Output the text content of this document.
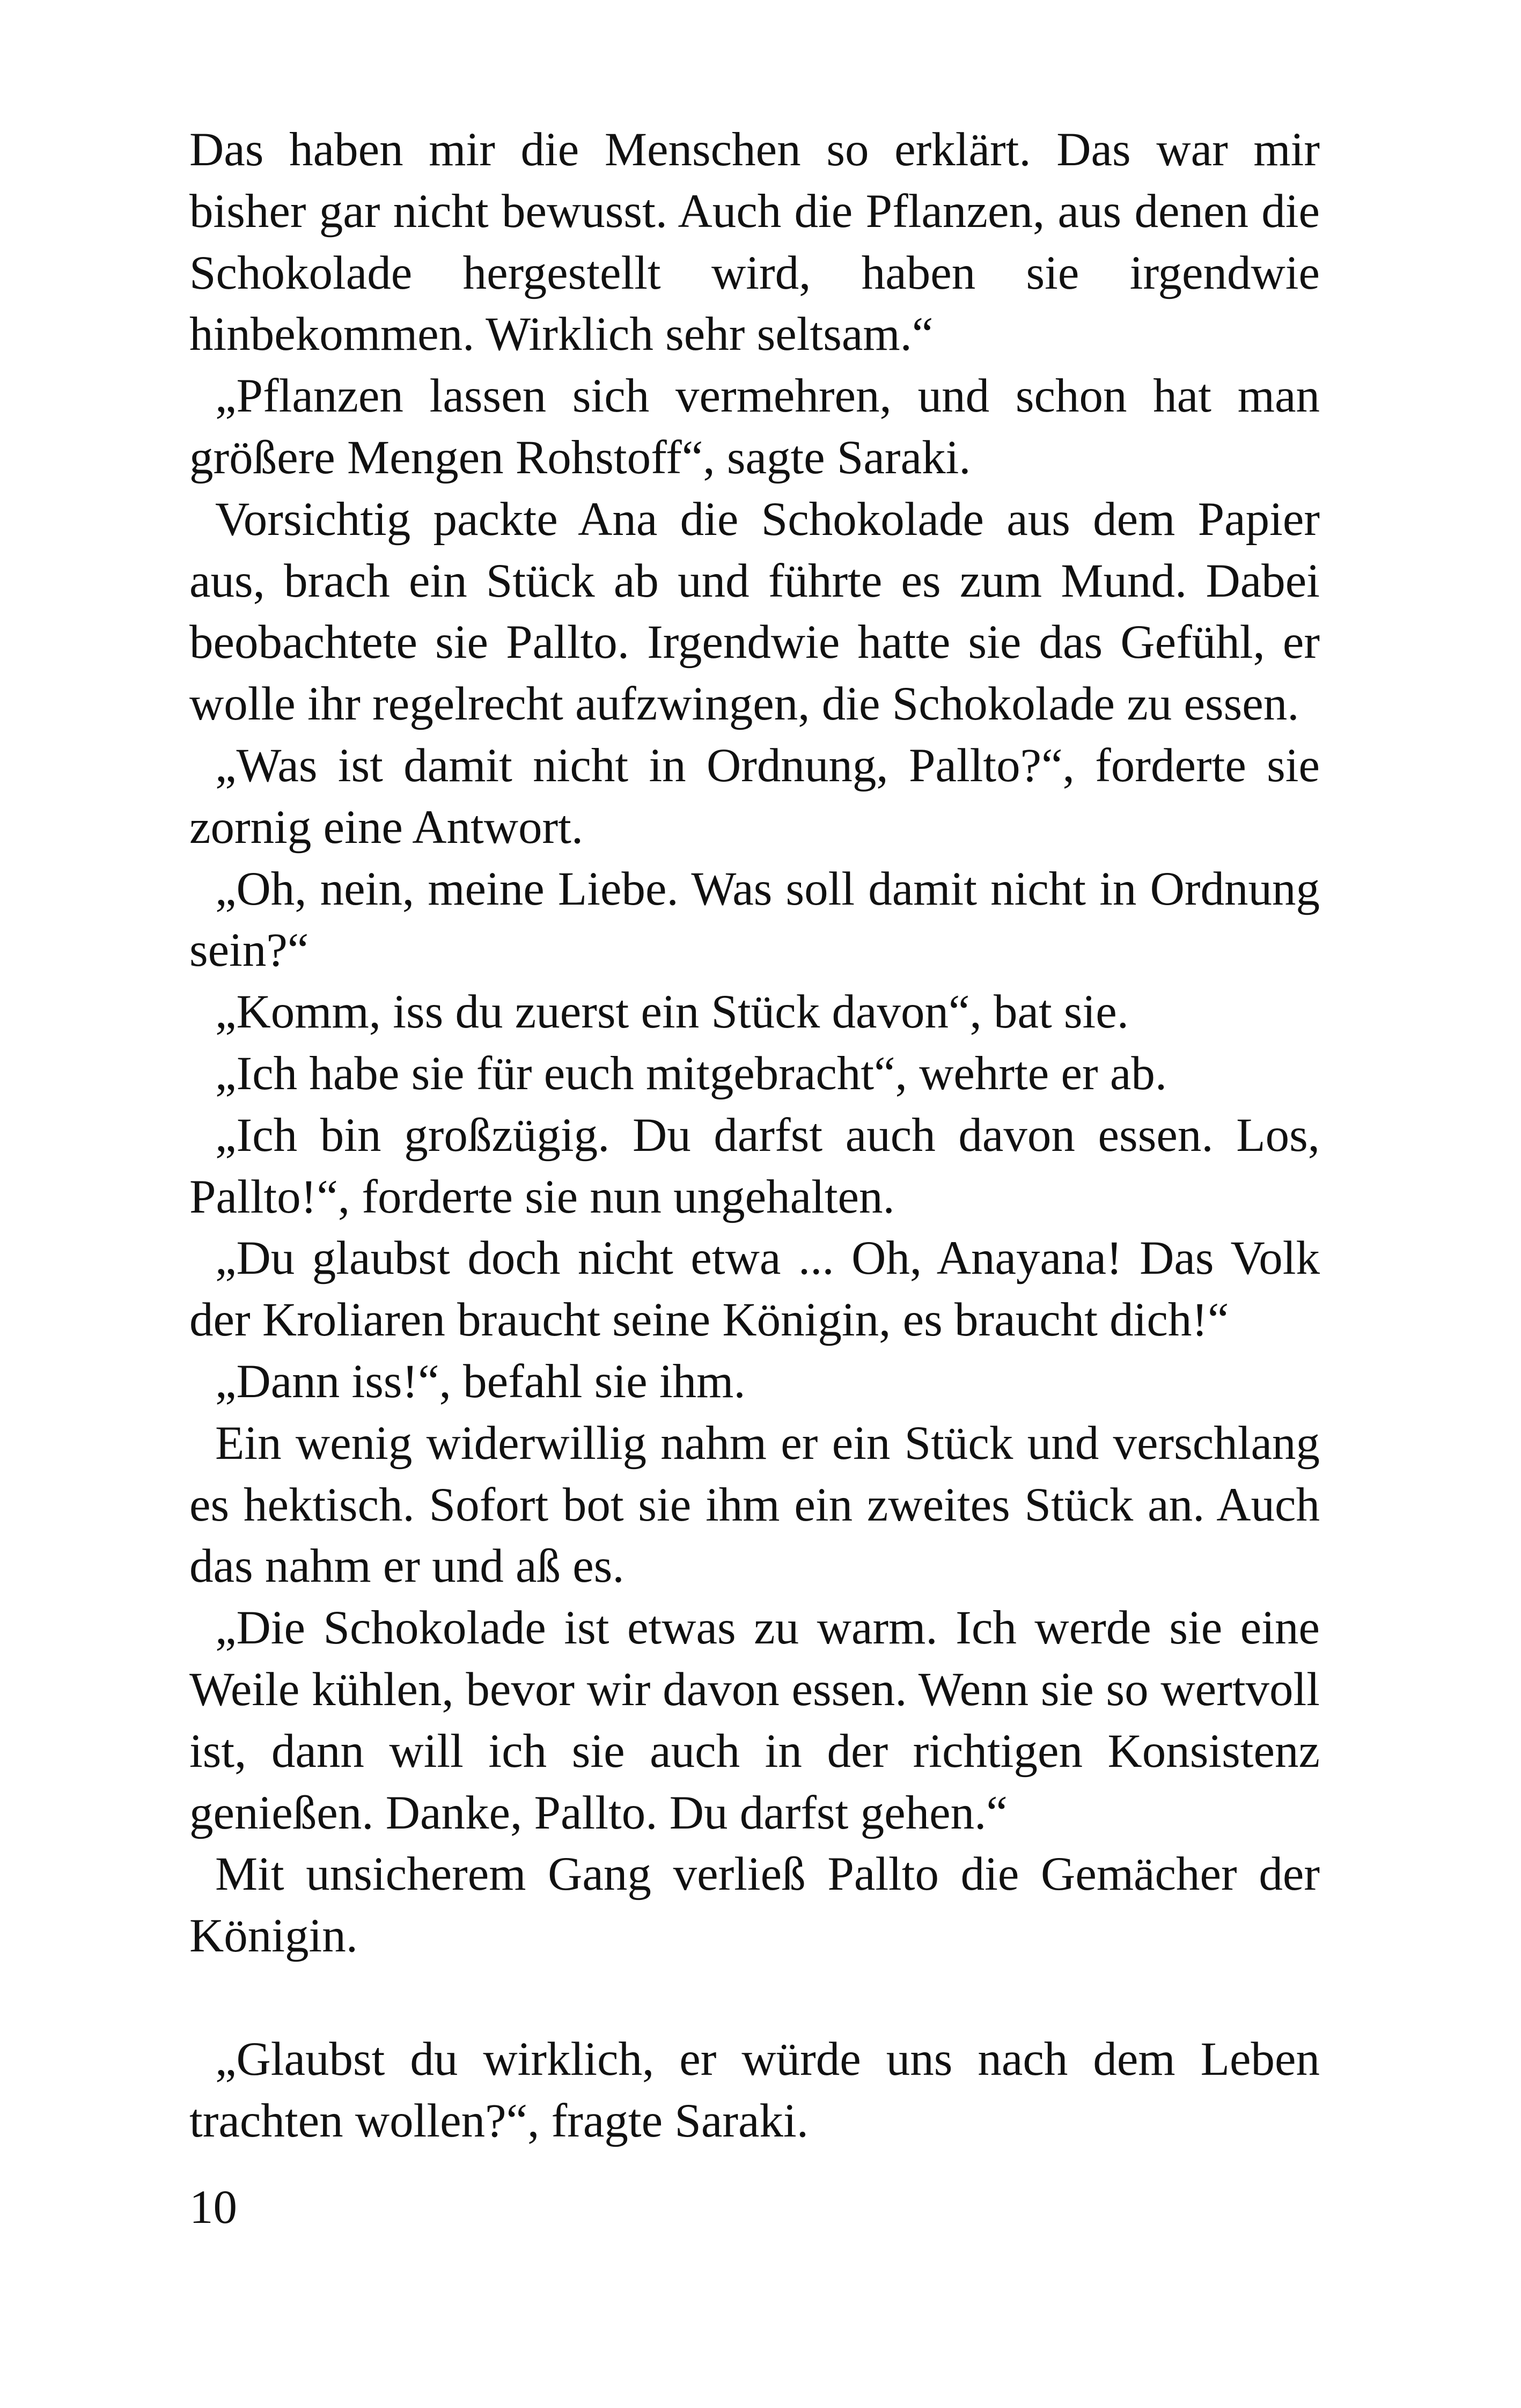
Das haben mir die Menschen so erklärt. Das war mir bisher gar nicht bewusst. Auch die Pflanzen, aus denen die Schokolade hergestellt wird, haben sie irgendwie hinbekommen. Wirklich sehr seltsam.“

„Pflanzen lassen sich vermehren, und schon hat man größere Mengen Rohstoff“, sagte Saraki.

Vorsichtig packte Ana die Schokolade aus dem Papier aus, brach ein Stück ab und führte es zum Mund. Dabei beobachtete sie Pallto. Irgendwie hatte sie das Gefühl, er wolle ihr regelrecht aufzwingen, die Schokolade zu essen.

„Was ist damit nicht in Ordnung, Pallto?“, forderte sie zornig eine Antwort.

„Oh, nein, meine Liebe. Was soll damit nicht in Ordnung sein?“

„Komm, iss du zuerst ein Stück davon“, bat sie.

„Ich habe sie für euch mitgebracht“, wehrte er ab.

„Ich bin großzügig. Du darfst auch davon essen. Los, Pallto!“, forderte sie nun ungehalten.

„Du glaubst doch nicht etwa ... Oh, Anayana! Das Volk der Kroliaren braucht seine Königin, es braucht dich!“

„Dann iss!“, befahl sie ihm.

Ein wenig widerwillig nahm er ein Stück und verschlang es hektisch. Sofort bot sie ihm ein zweites Stück an. Auch das nahm er und aß es.

„Die Schokolade ist etwas zu warm. Ich werde sie eine Weile kühlen, bevor wir davon essen. Wenn sie so wertvoll ist, dann will ich sie auch in der richtigen Konsistenz genießen. Danke, Pallto. Du darfst gehen.“

Mit unsicherem Gang verließ Pallto die Gemächer der Königin.

„Glaubst du wirklich, er würde uns nach dem Leben trachten wollen?“, fragte Saraki.

10
